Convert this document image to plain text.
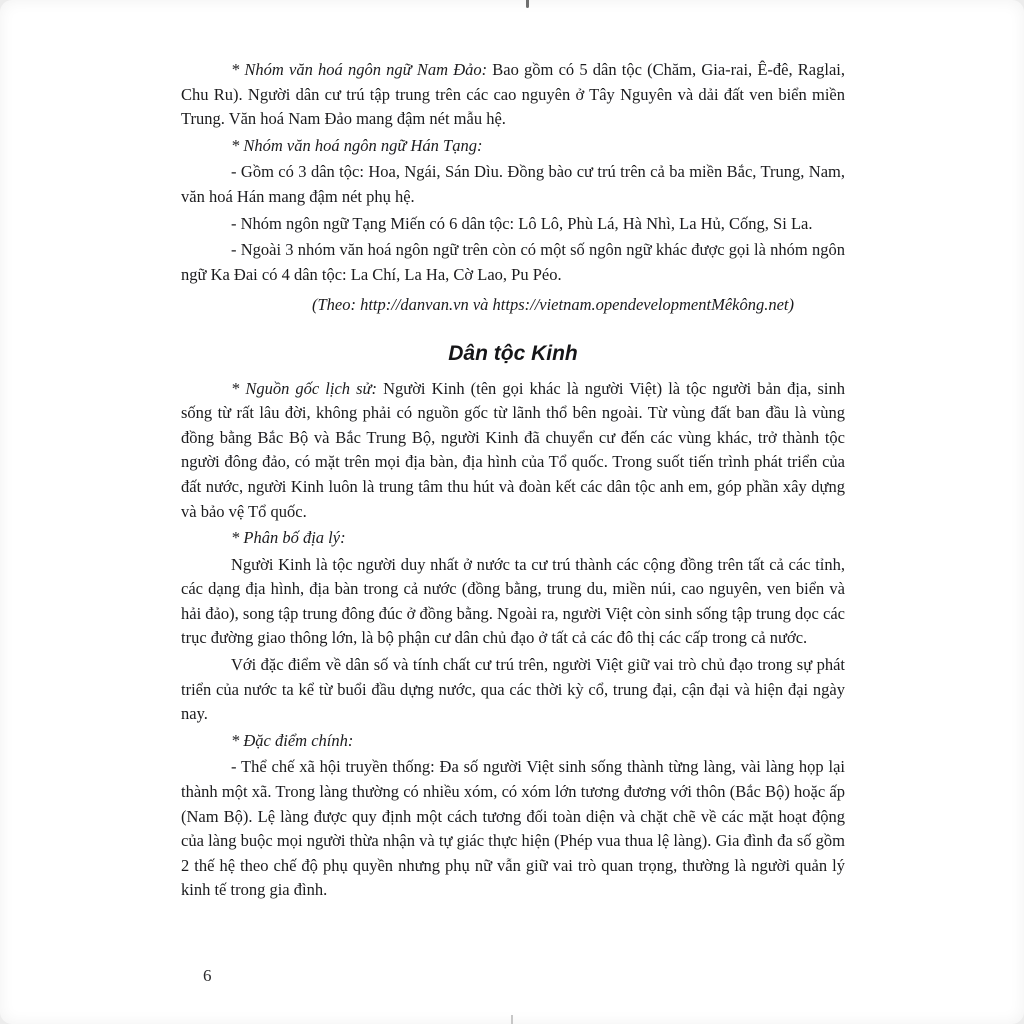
* Nhóm văn hoá ngôn ngữ Nam Đảo: Bao gồm có 5 dân tộc (Chăm, Gia-rai, Ê-đê, Raglai, Chu Ru). Người dân cư trú tập trung trên các cao nguyên ở Tây Nguyên và dải đất ven biển miền Trung. Văn hoá Nam Đảo mang đậm nét mẫu hệ.

* Nhóm văn hoá ngôn ngữ Hán Tạng:

- Gồm có 3 dân tộc: Hoa, Ngái, Sán Dìu. Đồng bào cư trú trên cả ba miền Bắc, Trung, Nam, văn hoá Hán mang đậm nét phụ hệ.

- Nhóm ngôn ngữ Tạng Miến có 6 dân tộc: Lô Lô, Phù Lá, Hà Nhì, La Hủ, Cống, Si La.

- Ngoài 3 nhóm văn hoá ngôn ngữ trên còn có một số ngôn ngữ khác được gọi là nhóm ngôn ngữ Ka Đai có 4 dân tộc: La Chí, La Ha, Cờ Lao, Pu Péo.

(Theo: http://danvan.vn và https://vietnam.opendevelopmentMêkông.net)

Dân tộc Kinh

* Nguồn gốc lịch sử: Người Kinh (tên gọi khác là người Việt) là tộc người bản địa, sinh sống từ rất lâu đời, không phải có nguồn gốc từ lãnh thổ bên ngoài. Từ vùng đất ban đầu là vùng đồng bằng Bắc Bộ và Bắc Trung Bộ, người Kinh đã chuyển cư đến các vùng khác, trở thành tộc người đông đảo, có mặt trên mọi địa bàn, địa hình của Tổ quốc. Trong suốt tiến trình phát triển của đất nước, người Kinh luôn là trung tâm thu hút và đoàn kết các dân tộc anh em, góp phần xây dựng và bảo vệ Tổ quốc.

* Phân bố địa lý:

Người Kinh là tộc người duy nhất ở nước ta cư trú thành các cộng đồng trên tất cả các tỉnh, các dạng địa hình, địa bàn trong cả nước (đồng bằng, trung du, miền núi, cao nguyên, ven biển và hải đảo), song tập trung đông đúc ở đồng bằng. Ngoài ra, người Việt còn sinh sống tập trung dọc các trục đường giao thông lớn, là bộ phận cư dân chủ đạo ở tất cả các đô thị các cấp trong cả nước.

Với đặc điểm về dân số và tính chất cư trú trên, người Việt giữ vai trò chủ đạo trong sự phát triển của nước ta kể từ buổi đầu dựng nước, qua các thời kỳ cổ, trung đại, cận đại và hiện đại ngày nay.

* Đặc điểm chính:

- Thể chế xã hội truyền thống: Đa số người Việt sinh sống thành từng làng, vài làng họp lại thành một xã. Trong làng thường có nhiều xóm, có xóm lớn tương đương với thôn (Bắc Bộ) hoặc ấp (Nam Bộ). Lệ làng được quy định một cách tương đối toàn diện và chặt chẽ về các mặt hoạt động của làng buộc mọi người thừa nhận và tự giác thực hiện (Phép vua thua lệ làng). Gia đình đa số gồm 2 thế hệ theo chế độ phụ quyền nhưng phụ nữ vẫn giữ vai trò quan trọng, thường là người quản lý kinh tế trong gia đình.

6
